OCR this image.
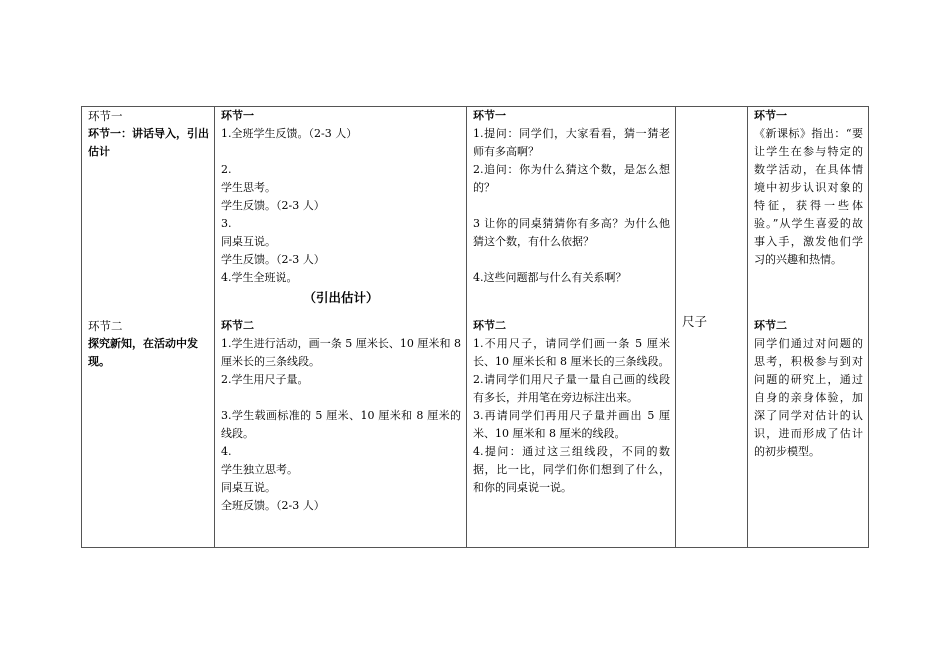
环节一
环节一：讲话导入，引出估计
环节二
探究新知，在活动中发现。

环节一
1.全班学生反馈。（2-3 人）
2.
学生思考。
学生反馈。（2-3 人）
3.
同桌互说。
学生反馈。（2-3 人）
4.学生全班说。
（引出估计）
环节二
1.学生进行活动，画一条 5 厘米长、10 厘米和 8 厘米长的三条线段。
2.学生用尺子量。
3.学生载画标准的 5 厘米、10 厘米和 8 厘米的线段。
4.
学生独立思考。
同桌互说。
全班反馈。（2-3 人）

环节一
1.提问：同学们，大家看看，猜一猜老师有多高啊？
2.追问：你为什么猜这个数，是怎么想的？
3 让你的同桌猜猜你有多高？为什么他猜这个数，有什么依据？
4.这些问题都与什么有关系啊？
环节二
1.不用尺子，请同学们画一条 5 厘米长、10 厘米长和 8 厘米长的三条线段。
2.请同学们用尺子量一量自己画的线段有多长，并用笔在旁边标注出来。
3.再请同学们再用尺子量并画出 5 厘米、10 厘米和 8 厘米的线段。
4.提问：通过这三组线段，不同的数据，比一比，同学们你们想到了什么，和你的同桌说一说。

尺子

环节一
《新课标》指出：“要让学生在参与特定的数学活动，在具体情境中初步认识对象的特征，获得一些体验。”从学生喜爱的故事入手，激发他们学习的兴趣和热情。
环节二
同学们通过对问题的思考，积极参与到对问题的研究上，通过自身的亲身体验，加深了同学对估计的认识，进而形成了估计的初步模型。
